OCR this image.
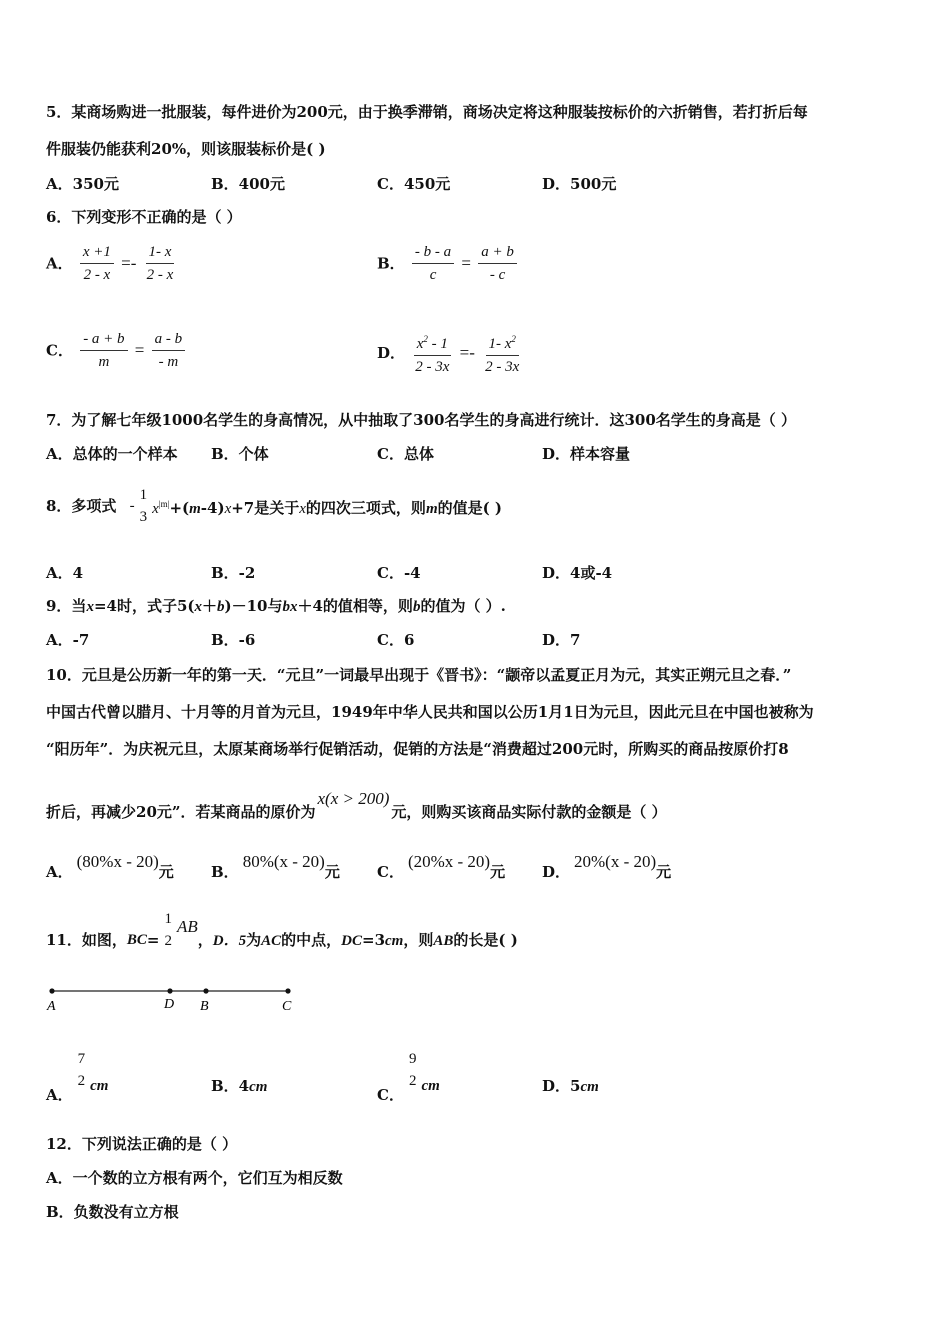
5．某商场购进一批服装，每件进价为200元，由于换季滞销，商场决定将这种服装按标价的六折销售，若打折后每
件服装仍能获利20%，则该服装标价是( )
A．350元	B．400元	C．450元	D．500元
6．下列变形不正确的是（ ）
A． $\frac{x +1}{2 - x} =- \frac{1- x}{2 - x}$	B． $\frac{- b - a}{c} = \frac{a + b}{- c}$
C． $\frac{- a + b}{m} = \frac{a - b}{- m}$	D． $\frac{x^2 - 1}{2 - 3x} =- \frac{1- x^2}{2 - 3x}$
7．为了解七年级1000名学生的身高情况，从中抽取了300名学生的身高进行统计．这300名学生的身高是（ ）
A．总体的一个样本 B．个体	C．总体	D．样本容量
8．多项式 -
1
3
$x^{|m|}+(m-4)x+7$是关于x的四次三项式，则m的值是( )
A．4	B．-2	C．-4	D．4或-4
9．当x=4时，式子5(x＋b)－10与bx＋4的值相等，则b的值为（ ）.
A．-7	B．-6	C．6	D．7
10．元旦是公历新一年的第一天．“元旦”一词最早出现于《晋书》：“颛帝以孟夏正月为元，其实正朔元旦之春．”
中国古代曾以腊月、十月等的月首为元旦，1949年中华人民共和国以公历1月1日为元旦，因此元旦在中国也被称为
“阳历年”．为庆祝元旦，太原某商场举行促销活动，促销的方法是“消费超过200元时，所购买的商品按原价打8
折后，再减少20元”．若某商品的原价为x(x > 200)元，则购买该商品实际付款的金额是（ ）
A．(80%x - 20)元 B．80%(x - 20)元 C．(20%x - 20)元 D．20%(x - 20)元
11．如图，BC=
1
2
AB，D．5为AC的中点，DC=3cm，则AB的长是( )
A	D B	C
A．
7
2 cm	B．4cm	C．
9
2 cm	D．5cm
12．下列说法正确的是（ ）
A．一个数的立方根有两个，它们互为相反数
B．负数没有立方根
